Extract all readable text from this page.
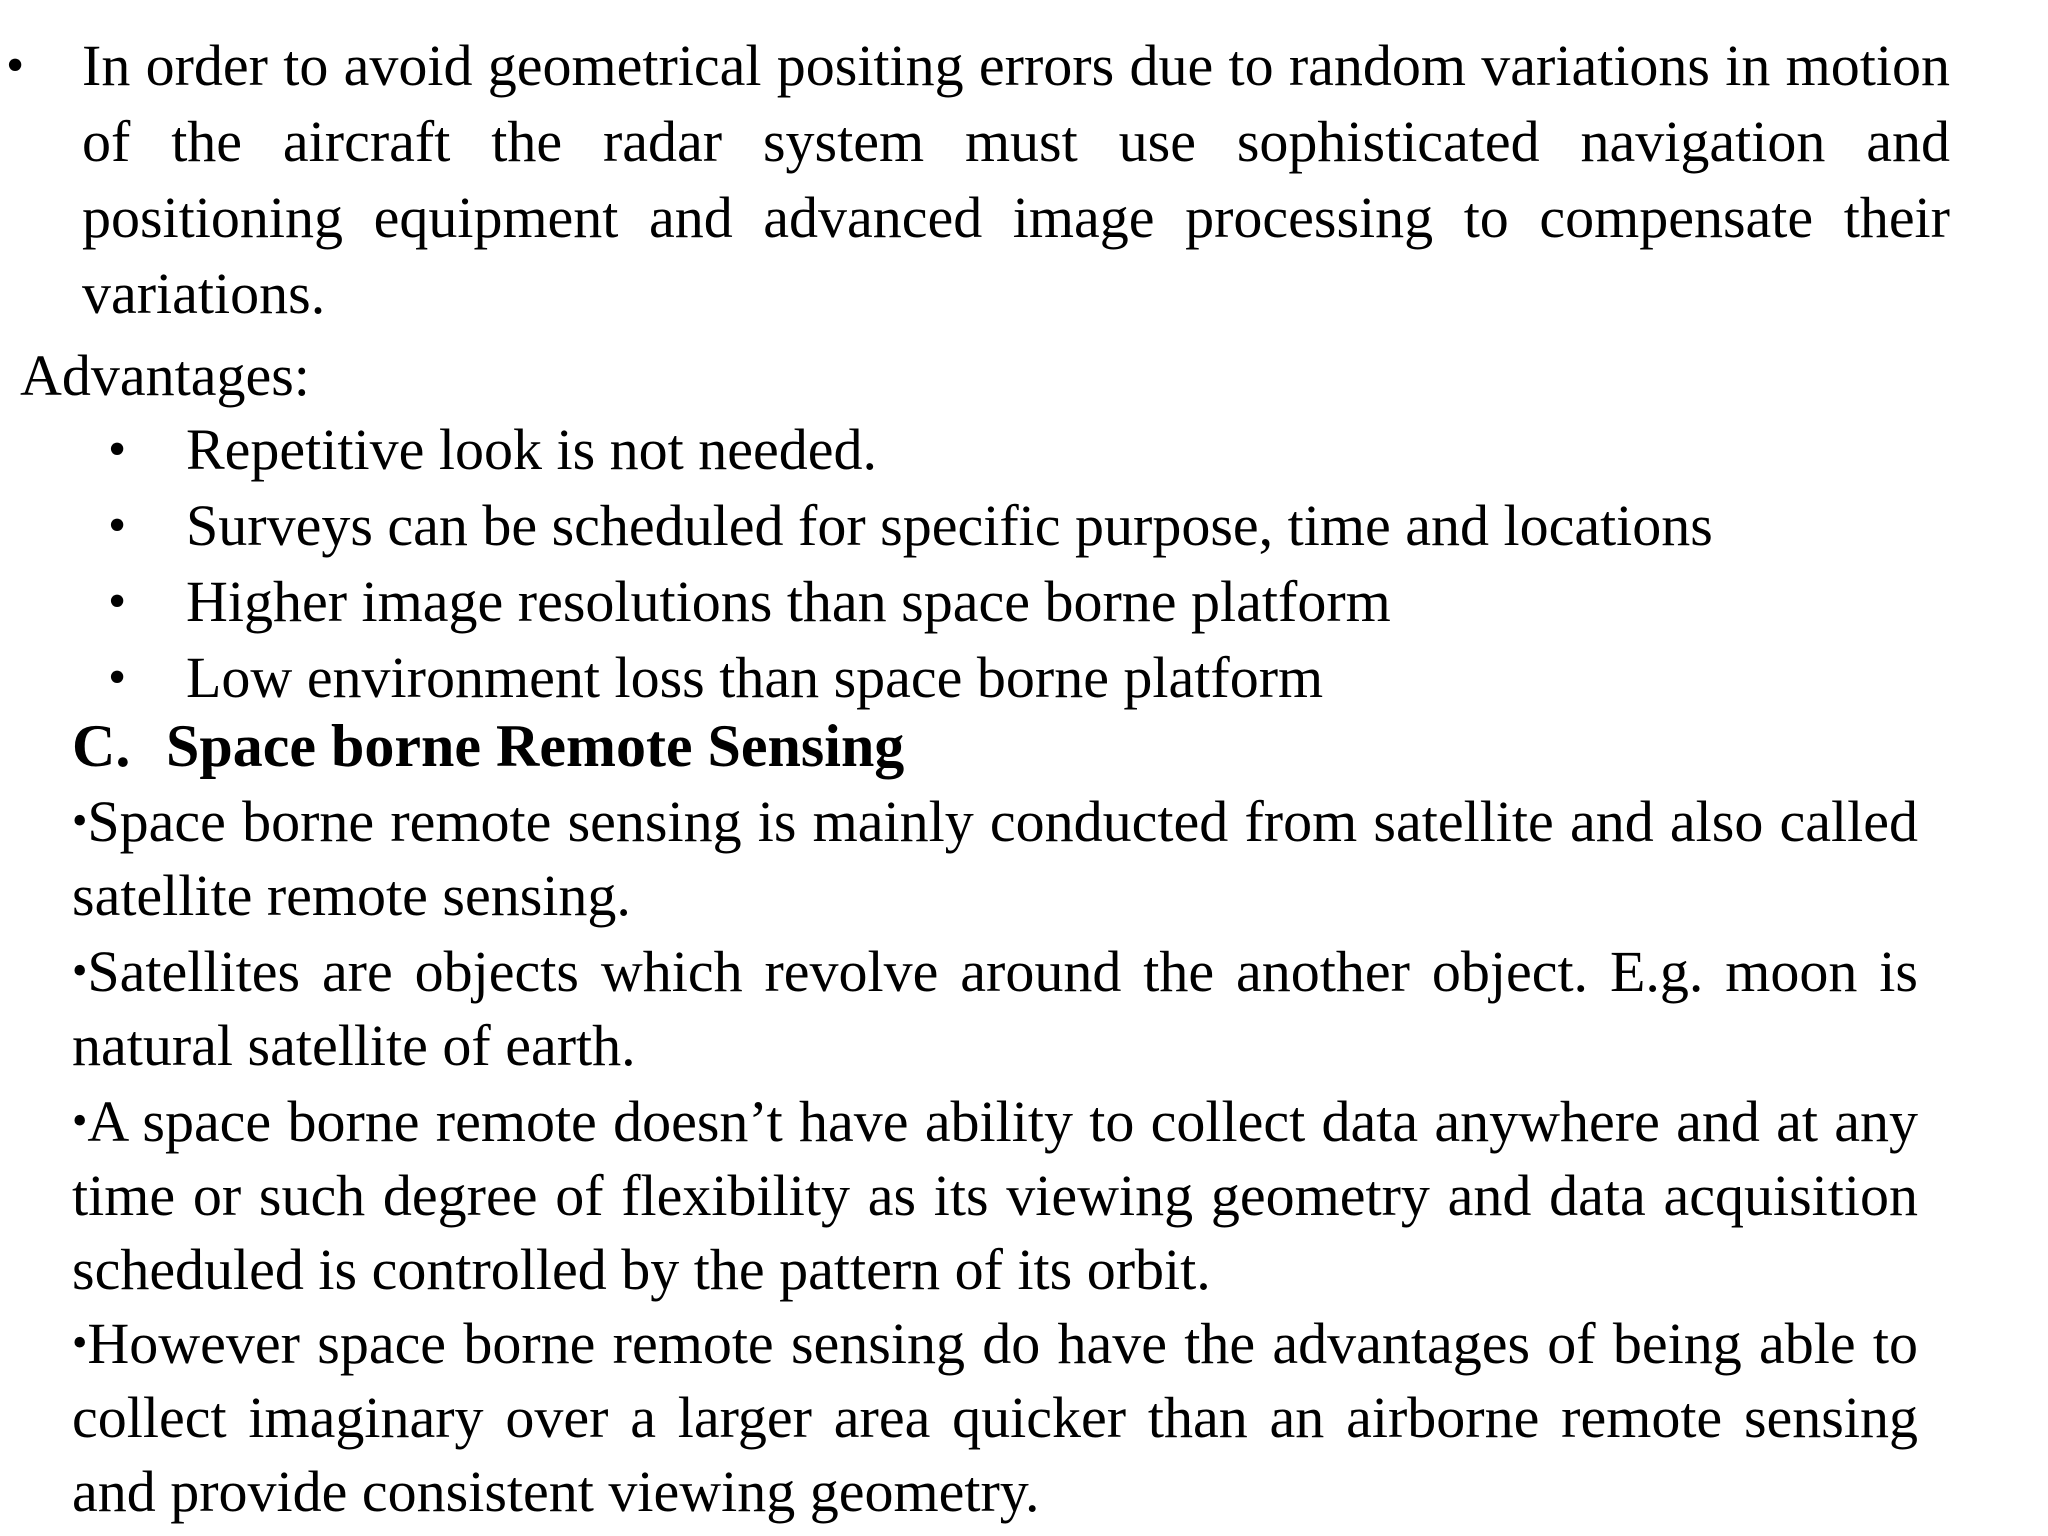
• In order to avoid geometrical positing errors due to random variations in motion of the aircraft the radar system must use sophisticated navigation and positioning equipment and advanced image processing to compensate their variations.
Advantages:
• Repetitive look is not needed.
• Surveys can be scheduled for specific purpose, time and locations
• Higher image resolutions than space borne platform
• Low environment loss than space borne platform
C. Space borne Remote Sensing
•Space borne remote sensing is mainly conducted from satellite and also called satellite remote sensing.
•Satellites are objects which revolve around the another object. E.g. moon is natural satellite of earth.
•A space borne remote doesn’t have ability to collect data anywhere and at any time or such degree of flexibility as its viewing geometry and data acquisition scheduled is controlled by the pattern of its orbit.
•However space borne remote sensing do have the advantages of being able to collect imaginary over a larger area quicker than an airborne remote sensing and provide consistent viewing geometry.
